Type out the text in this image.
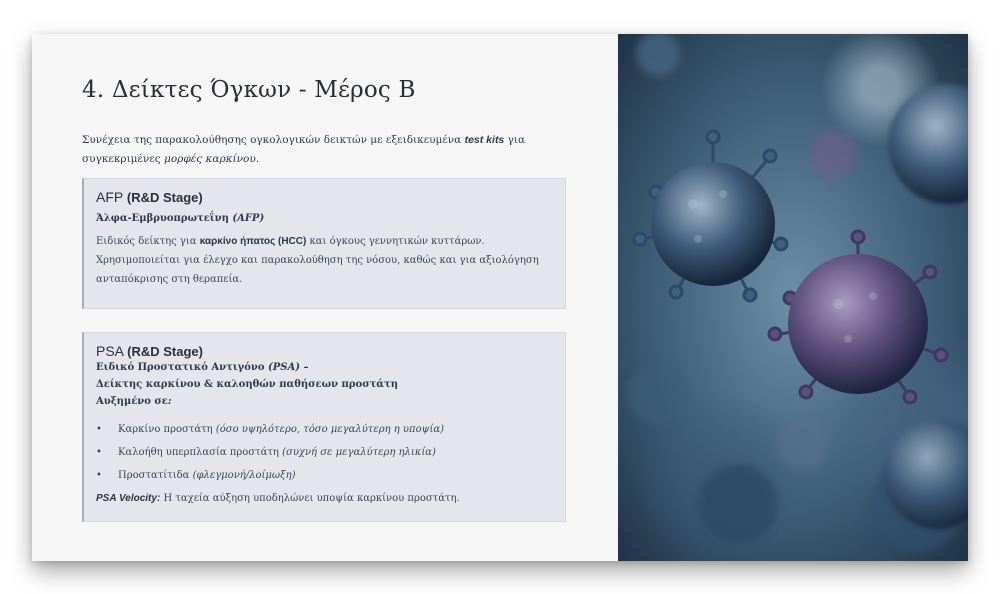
4. Δείκτες Όγκων - Μέρος Β
Συνέχεια της παρακολούθησης ογκολογικών δεικτών με εξειδικευμένα test kits για συγκεκριμένες μορφές καρκίνου.
AFP (R&D Stage)
Άλφα-Εμβρυοπρωτεΐνη (AFP)
Ειδικός δείκτης για καρκίνο ήπατος (HCC) και όγκους γεννητικών κυττάρων. Χρησιμοποιείται για έλεγχο και παρακολούθηση της νόσου, καθώς και για αξιολόγηση ανταπόκρισης στη θεραπεία.
PSA (R&D Stage)
Ειδικό Προστατικό Αντιγόνο (PSA) –
Δείκτης καρκίνου & καλοηθών παθήσεων προστάτη
Αυξημένο σε:
• Καρκίνο προστάτη (όσο υψηλότερο, τόσο μεγαλύτερη η υποψία)
• Καλοήθη υπερπλασία προστάτη (συχνή σε μεγαλύτερη ηλικία)
• Προστατίτιδα (φλεγμονή/λοίμωξη)
PSA Velocity: Η ταχεία αύξηση υποδηλώνει υποψία καρκίνου προστάτη.
